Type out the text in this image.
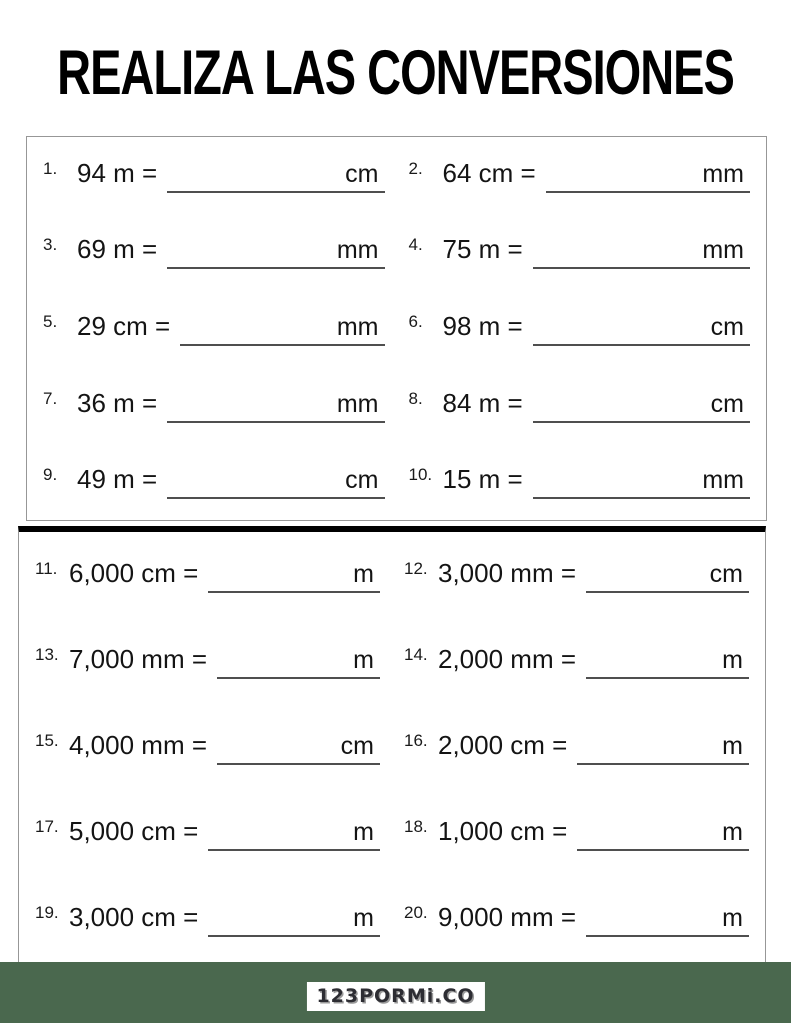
REALIZA LAS CONVERSIONES
1. 94 m =	cm	2. 64 cm =	mm
3. 69 m =	mm	4. 75 m =	mm
5. 29 cm =	mm	6. 98 m =	cm
7. 36 m =	mm	8. 84 m =	cm
9. 49 m =	cm	10. 15 m =	mm
11. 6,000 cm =	m	12. 3,000 mm =	cm
13. 7,000 mm =	m	14. 2,000 mm =	m
15. 4,000 mm =	cm	16. 2,000 cm =	m
17. 5,000 cm =	m	18. 1,000 cm =	m
19. 3,000 cm =	m	20. 9,000 mm =	m
123PORMi.CO
